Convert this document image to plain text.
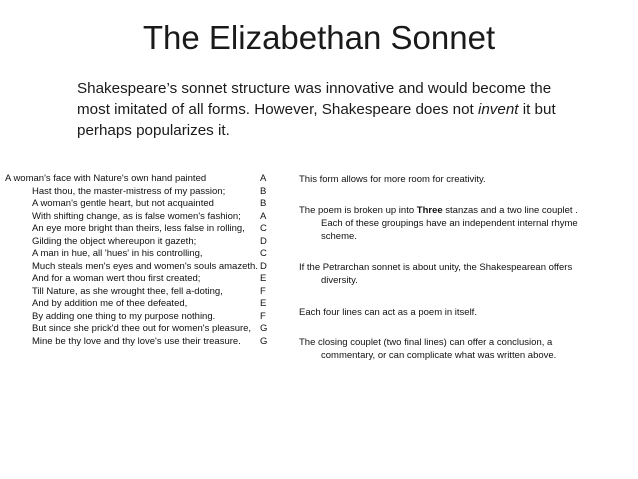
The Elizabethan Sonnet
Shakespeare’s sonnet structure was innovative and would become the most imitated of all forms. However, Shakespeare does not invent it but perhaps popularizes it.
A woman's face with Nature's own hand painted	A
Hast thou, the master-mistress of my passion;	B
A woman's gentle heart, but not acquainted	B
With shifting change, as is false women's fashion; A
An eye more bright than theirs, less false in rolling, C
Gilding the object whereupon it gazeth;	D
A man in hue, all 'hues' in his controlling,	C
Much steals men's eyes and women's souls amazeth. D
And for a woman wert thou first created;	E
Till Nature, as she wrought thee, fell a-doting,	F
And by addition me of thee defeated,	E
By adding one thing to my purpose nothing.	F
But since she prick'd thee out for women's pleasure, G
Mine be thy love and thy love's use their treasure. G
This form allows for more room for creativity.
The poem is broken up into Three stanzas and a two line couplet .
Each of these groupings have an independent internal rhyme scheme.
If the Petrarchan sonnet is about unity, the Shakespearean offers
diversity.
Each four lines can act as a poem in itself.
The closing couplet (two final lines) can offer a conclusion, a
commentary, or can complicate what was written above.
